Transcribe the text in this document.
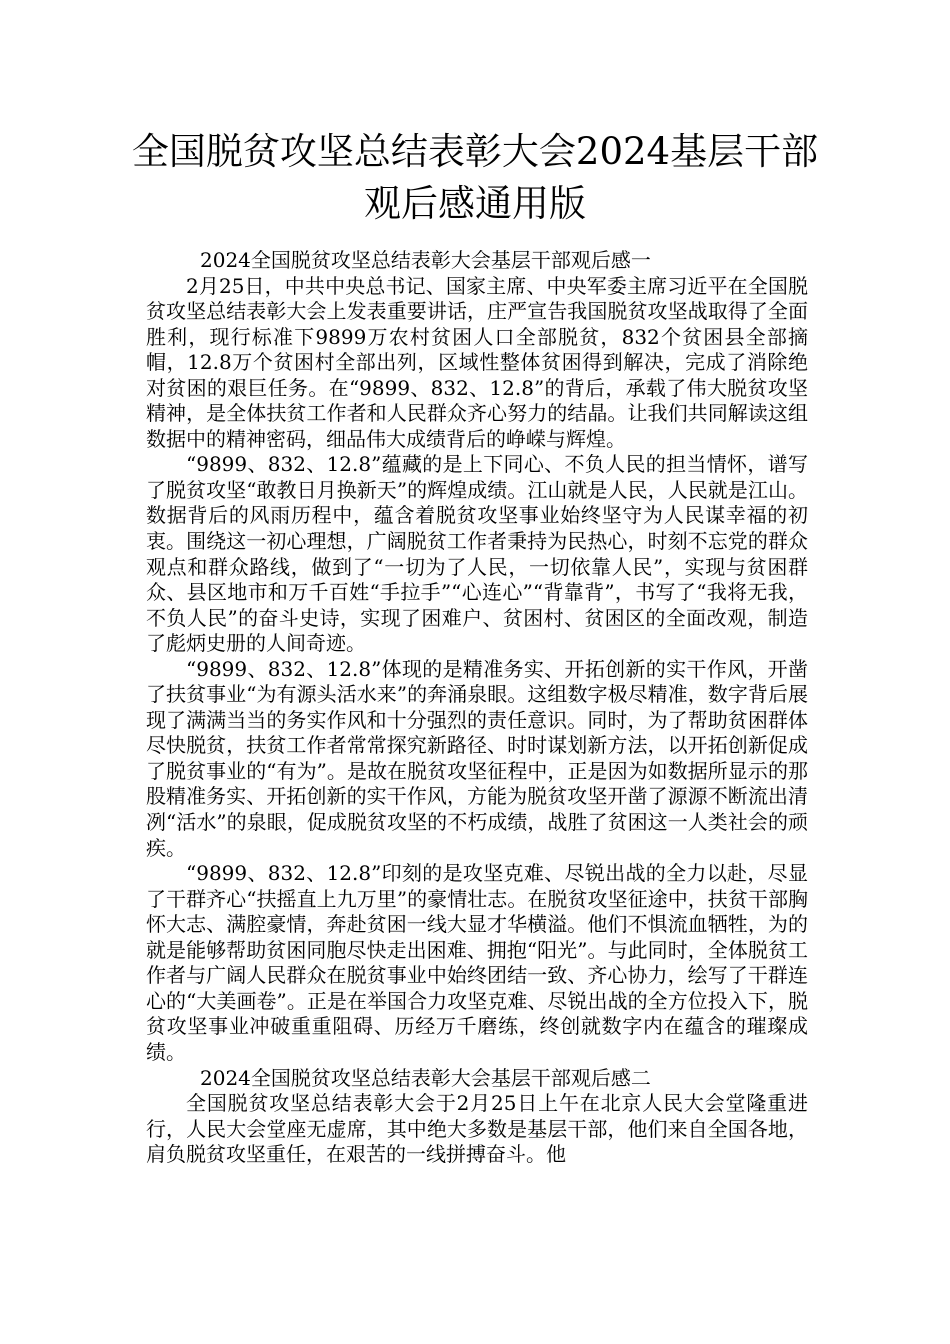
全国脱贫攻坚总结表彰大会2024基层干部
观后感通用版

2024全国脱贫攻坚总结表彰大会基层干部观后感一

2月25日，中共中央总书记、国家主席、中央军委主席习近平在全国脱贫攻坚总结表彰大会上发表重要讲话，庄严宣告我国脱贫攻坚战取得了全面胜利，现行标准下9899万农村贫困人口全部脱贫，832个贫困县全部摘帽，12.8万个贫困村全部出列，区域性整体贫困得到解决，完成了消除绝对贫困的艰巨任务。在“9899、832、12.8”的背后，承载了伟大脱贫攻坚精神，是全体扶贫工作者和人民群众齐心努力的结晶。让我们共同解读这组数据中的精神密码，细品伟大成绩背后的峥嵘与辉煌。

“9899、832、12.8”蕴藏的是上下同心、不负人民的担当情怀，谱写了脱贫攻坚“敢教日月换新天”的辉煌成绩。江山就是人民，人民就是江山。数据背后的风雨历程中，蕴含着脱贫攻坚事业始终坚守为人民谋幸福的初衷。围绕这一初心理想，广阔脱贫工作者秉持为民热心，时刻不忘党的群众观点和群众路线，做到了“一切为了人民，一切依靠人民”，实现与贫困群众、县区地市和万千百姓“手拉手”“心连心”“背靠背”，书写了“我将无我，不负人民”的奋斗史诗，实现了困难户、贫困村、贫困区的全面改观，制造了彪炳史册的人间奇迹。

“9899、832、12.8”体现的是精准务实、开拓创新的实干作风，开凿了扶贫事业“为有源头活水来”的奔涌泉眼。这组数字极尽精准，数字背后展现了满满当当的务实作风和十分强烈的责任意识。同时，为了帮助贫困群体尽快脱贫，扶贫工作者常常探究新路径、时时谋划新方法，以开拓创新促成了脱贫事业的“有为”。是故在脱贫攻坚征程中，正是因为如数据所显示的那股精准务实、开拓创新的实干作风，方能为脱贫攻坚开凿了源源不断流出清冽“活水”的泉眼，促成脱贫攻坚的不朽成绩，战胜了贫困这一人类社会的顽疾。

“9899、832、12.8”印刻的是攻坚克难、尽锐出战的全力以赴，尽显了干群齐心“扶摇直上九万里”的豪情壮志。在脱贫攻坚征途中，扶贫干部胸怀大志、满腔豪情，奔赴贫困一线大显才华横溢。他们不惧流血牺牲，为的就是能够帮助贫困同胞尽快走出困难、拥抱“阳光”。与此同时，全体脱贫工作者与广阔人民群众在脱贫事业中始终团结一致、齐心协力，绘写了干群连心的“大美画卷”。正是在举国合力攻坚克难、尽锐出战的全方位投入下，脱贫攻坚事业冲破重重阻碍、历经万千磨练，终创就数字内在蕴含的璀璨成绩。

2024全国脱贫攻坚总结表彰大会基层干部观后感二

全国脱贫攻坚总结表彰大会于2月25日上午在北京人民大会堂隆重进行，人民大会堂座无虚席，其中绝大多数是基层干部，他们来自全国各地，肩负脱贫攻坚重任，在艰苦的一线拼搏奋斗。他
